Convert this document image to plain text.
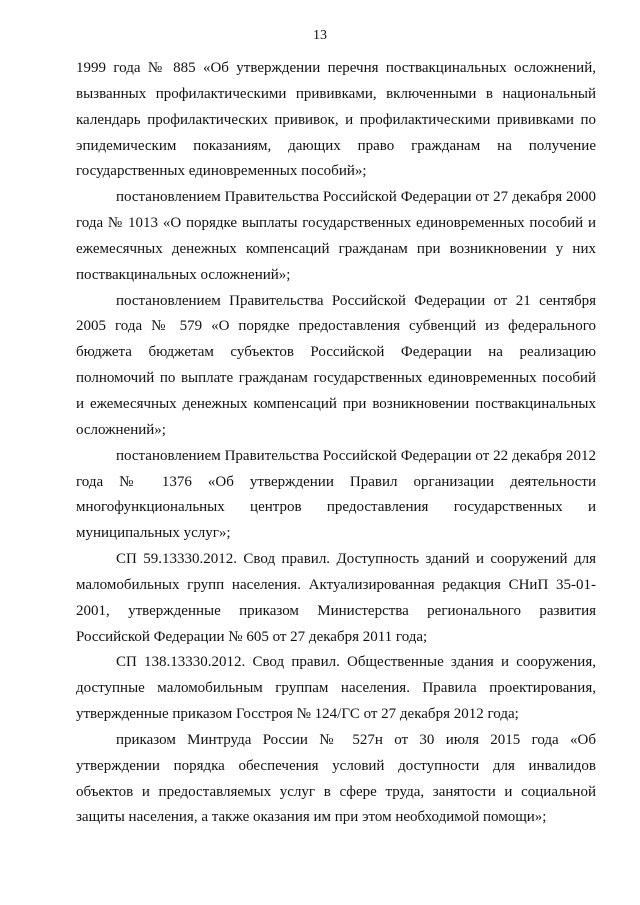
13

1999 года № 885 «Об утверждении перечня поствакцинальных осложнений, вызванных профилактическими прививками, включенными в национальный календарь профилактических прививок, и профилактическими прививками по эпидемическим показаниям, дающих право гражданам на получение государственных единовременных пособий»;

постановлением Правительства Российской Федерации от 27 декабря 2000 года № 1013 «О порядке выплаты государственных единовременных пособий и ежемесячных денежных компенсаций гражданам при возникновении у них поствакцинальных осложнений»;

постановлением Правительства Российской Федерации от 21 сентября 2005 года № 579 «О порядке предоставления субвенций из федерального бюджета бюджетам субъектов Российской Федерации на реализацию полномочий по выплате гражданам государственных единовременных пособий и ежемесячных денежных компенсаций при возникновении поствакцинальных осложнений»;

постановлением Правительства Российской Федерации от 22 декабря 2012 года № 1376 «Об утверждении Правил организации деятельности многофункциональных центров предоставления государственных и муниципальных услуг»;

СП 59.13330.2012. Свод правил. Доступность зданий и сооружений для маломобильных групп населения. Актуализированная редакция СНиП 35-01-2001, утвержденные приказом Министерства регионального развития Российской Федерации № 605 от 27 декабря 2011 года;

СП 138.13330.2012. Свод правил. Общественные здания и сооружения, доступные маломобильным группам населения. Правила проектирования, утвержденные приказом Госстроя № 124/ГС от 27 декабря 2012 года;

приказом Минтруда России № 527н от 30 июля 2015 года «Об утверждении порядка обеспечения условий доступности для инвалидов объектов и предоставляемых услуг в сфере труда, занятости и социальной защиты населения, а также оказания им при этом необходимой помощи»;
